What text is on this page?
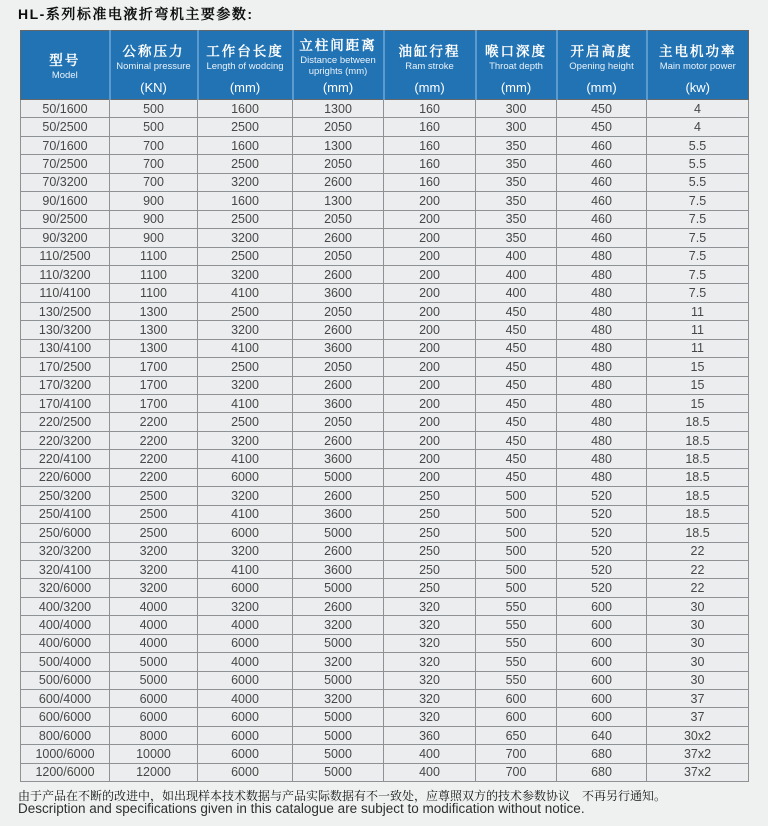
HL-系列标准电液折弯机主要参数:
型号
Model

公称压力
Nominal pressure
(KN)

工作台长度
Length of wodcing
(mm)

立柱间距离
Distance between uprights (mm)
(mm)

油缸行程
Ram stroke
(mm)

喉口深度
Throat depth
(mm)

开启高度
Opening height
(mm)

主电机功率
Main motor power
(kw)

50/1600	500	1600	1300	160	300	450	4
50/2500	500	2500	2050	160	300	450	4
70/1600	700	1600	1300	160	350	460	5.5
70/2500	700	2500	2050	160	350	460	5.5
70/3200	700	3200	2600	160	350	460	5.5
90/1600	900	1600	1300	200	350	460	7.5
90/2500	900	2500	2050	200	350	460	7.5
90/3200	900	3200	2600	200	350	460	7.5
110/2500	1100	2500	2050	200	400	480	7.5
110/3200	1100	3200	2600	200	400	480	7.5
110/4100	1100	4100	3600	200	400	480	7.5
130/2500	1300	2500	2050	200	450	480	11
130/3200	1300	3200	2600	200	450	480	11
130/4100	1300	4100	3600	200	450	480	11
170/2500	1700	2500	2050	200	450	480	15
170/3200	1700	3200	2600	200	450	480	15
170/4100	1700	4100	3600	200	450	480	15
220/2500	2200	2500	2050	200	450	480	18.5
220/3200	2200	3200	2600	200	450	480	18.5
220/4100	2200	4100	3600	200	450	480	18.5
220/6000	2200	6000	5000	200	450	480	18.5
250/3200	2500	3200	2600	250	500	520	18.5
250/4100	2500	4100	3600	250	500	520	18.5
250/6000	2500	6000	5000	250	500	520	18.5
320/3200	3200	3200	2600	250	500	520	22
320/4100	3200	4100	3600	250	500	520	22
320/6000	3200	6000	5000	250	500	520	22
400/3200	4000	3200	2600	320	550	600	30
400/4000	4000	4000	3200	320	550	600	30
400/6000	4000	6000	5000	320	550	600	30
500/4000	5000	4000	3200	320	550	600	30
500/6000	5000	6000	5000	320	550	600	30
600/4000	6000	4000	3200	320	600	600	37
600/6000	6000	6000	5000	320	600	600	37
800/6000	8000	6000	5000	360	650	640	30x2
1000/6000	10000	6000	5000	400	700	680	37x2
1200/6000	12000	6000	5000	400	700	680	37x2
由于产品在不断的改进中，如出现样本技术数据与产品实际数据有不一致处，应尊照双方的技术参数协议　不再另行通知。
Description and specifications given in this catalogue are subject to modification without notice.
